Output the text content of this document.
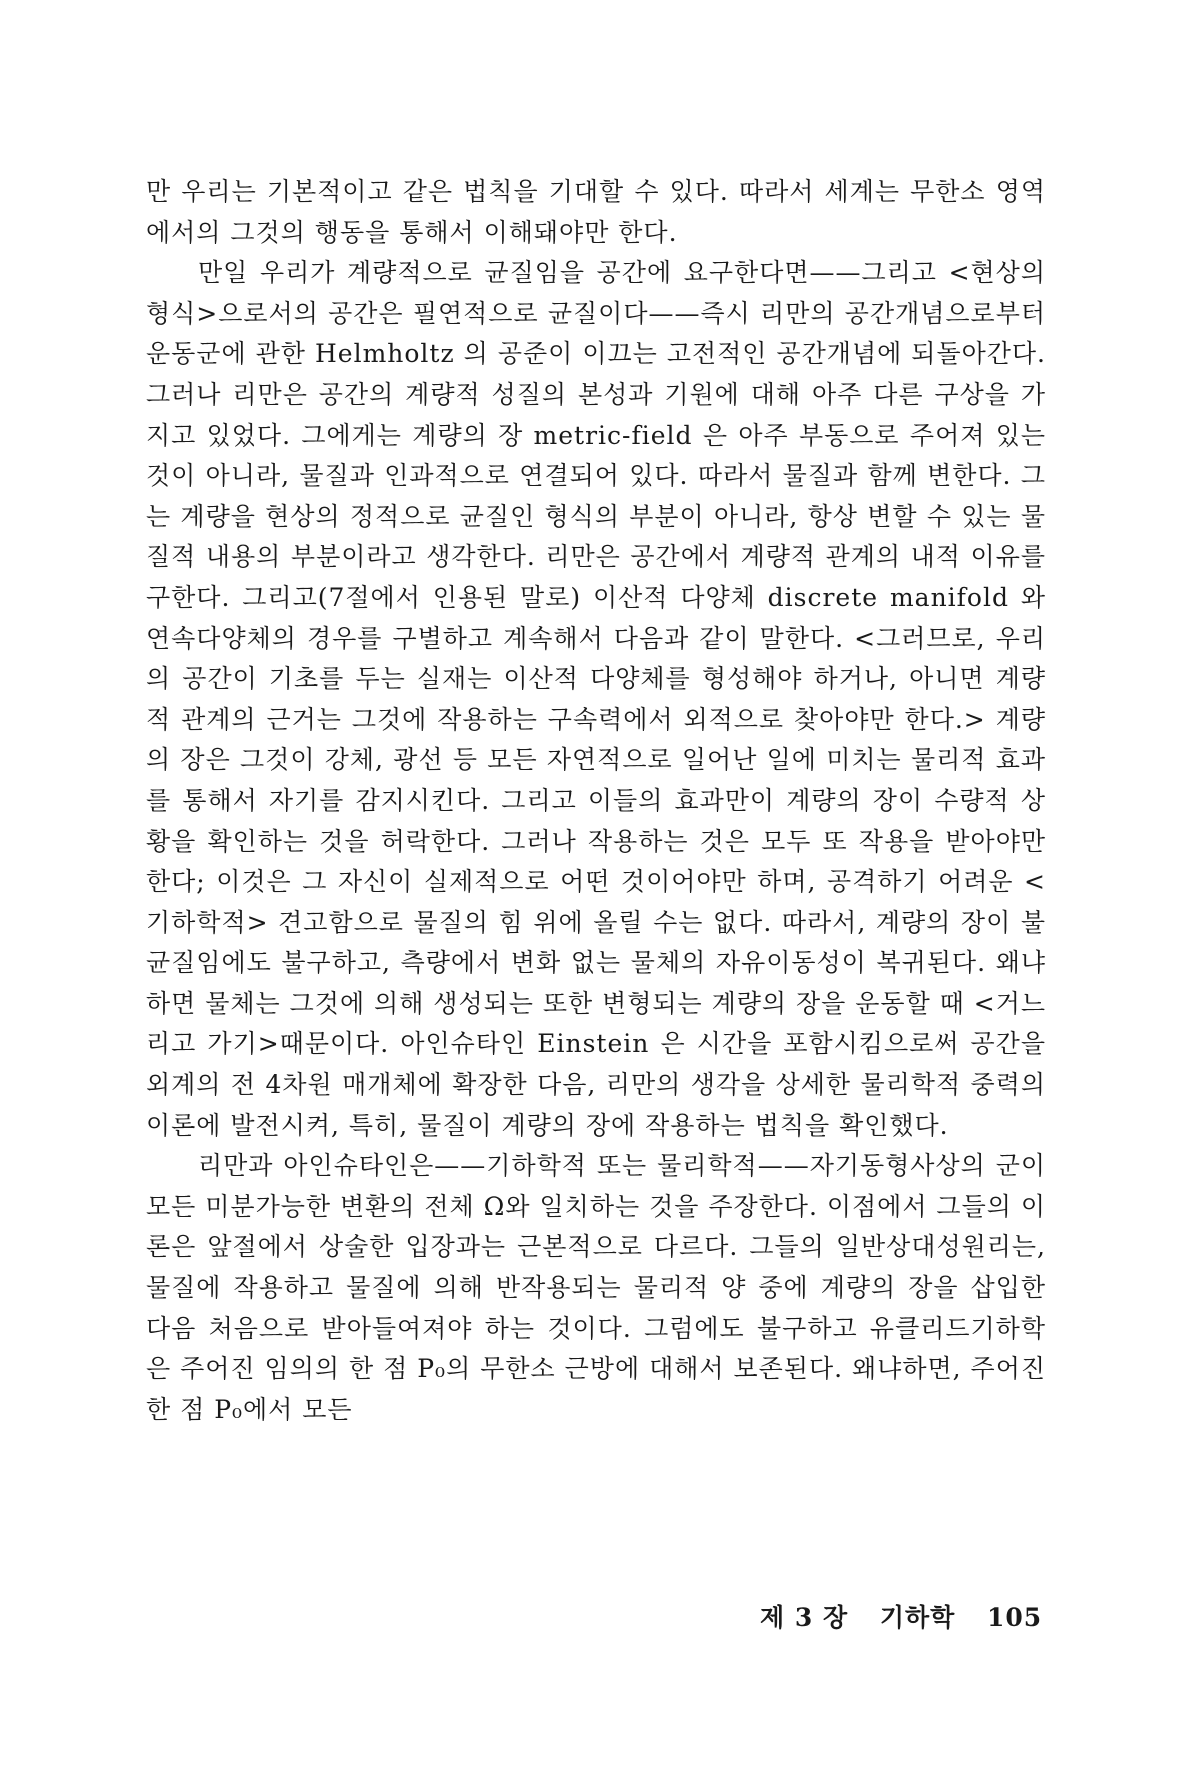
만 우리는 기본적이고 같은 법칙을 기대할 수 있다. 따라서 세계는 무한소 영역에서의 그것의 행동을 통해서 이해돼야만 한다.

만일 우리가 계량적으로 균질임을 공간에 요구한다면——그리고 <현상의 형식>으로서의 공간은 필연적으로 균질이다——즉시 리만의 공간개념으로부터 운동군에 관한 Helmholtz 의 공준이 이끄는 고전적인 공간개념에 되돌아간다. 그러나 리만은 공간의 계량적 성질의 본성과 기원에 대해 아주 다른 구상을 가지고 있었다. 그에게는 계량의 장 metric-field 은 아주 부동으로 주어져 있는 것이 아니라, 물질과 인과적으로 연결되어 있다. 따라서 물질과 함께 변한다. 그는 계량을 현상의 정적으로 균질인 형식의 부분이 아니라, 항상 변할 수 있는 물질적 내용의 부분이라고 생각한다. 리만은 공간에서 계량적 관계의 내적 이유를 구한다. 그리고(7절에서 인용된 말로) 이산적 다양체 discrete manifold 와 연속다양체의 경우를 구별하고 계속해서 다음과 같이 말한다. <그러므로, 우리의 공간이 기초를 두는 실재는 이산적 다양체를 형성해야 하거나, 아니면 계량적 관계의 근거는 그것에 작용하는 구속력에서 외적으로 찾아야만 한다.> 계량의 장은 그것이 강체, 광선 등 모든 자연적으로 일어난 일에 미치는 물리적 효과를 통해서 자기를 감지시킨다. 그리고 이들의 효과만이 계량의 장이 수량적 상황을 확인하는 것을 허락한다. 그러나 작용하는 것은 모두 또 작용을 받아야만 한다; 이것은 그 자신이 실제적으로 어떤 것이어야만 하며, 공격하기 어려운 <기하학적> 견고함으로 물질의 힘 위에 올릴 수는 없다. 따라서, 계량의 장이 불균질임에도 불구하고, 측량에서 변화 없는 물체의 자유이동성이 복귀된다. 왜냐하면 물체는 그것에 의해 생성되는 또한 변형되는 계량의 장을 운동할 때 <거느리고 가기>때문이다. 아인슈타인 Einstein 은 시간을 포함시킴으로써 공간을 외계의 전 4차원 매개체에 확장한 다음, 리만의 생각을 상세한 물리학적 중력의 이론에 발전시켜, 특히, 물질이 계량의 장에 작용하는 법칙을 확인했다.

리만과 아인슈타인은——기하학적 또는 물리학적——자기동형사상의 군이 모든 미분가능한 변환의 전체 Ω와 일치하는 것을 주장한다. 이점에서 그들의 이론은 앞절에서 상술한 입장과는 근본적으로 다르다. 그들의 일반상대성원리는, 물질에 작용하고 물질에 의해 반작용되는 물리적 양 중에 계량의 장을 삽입한 다음 처음으로 받아들여져야 하는 것이다. 그럼에도 불구하고 유클리드기하학은 주어진 임의의 한 점 P₀의 무한소 근방에 대해서 보존된다. 왜냐하면, 주어진 한 점 P₀에서 모든

제 3 장 기하학 105
